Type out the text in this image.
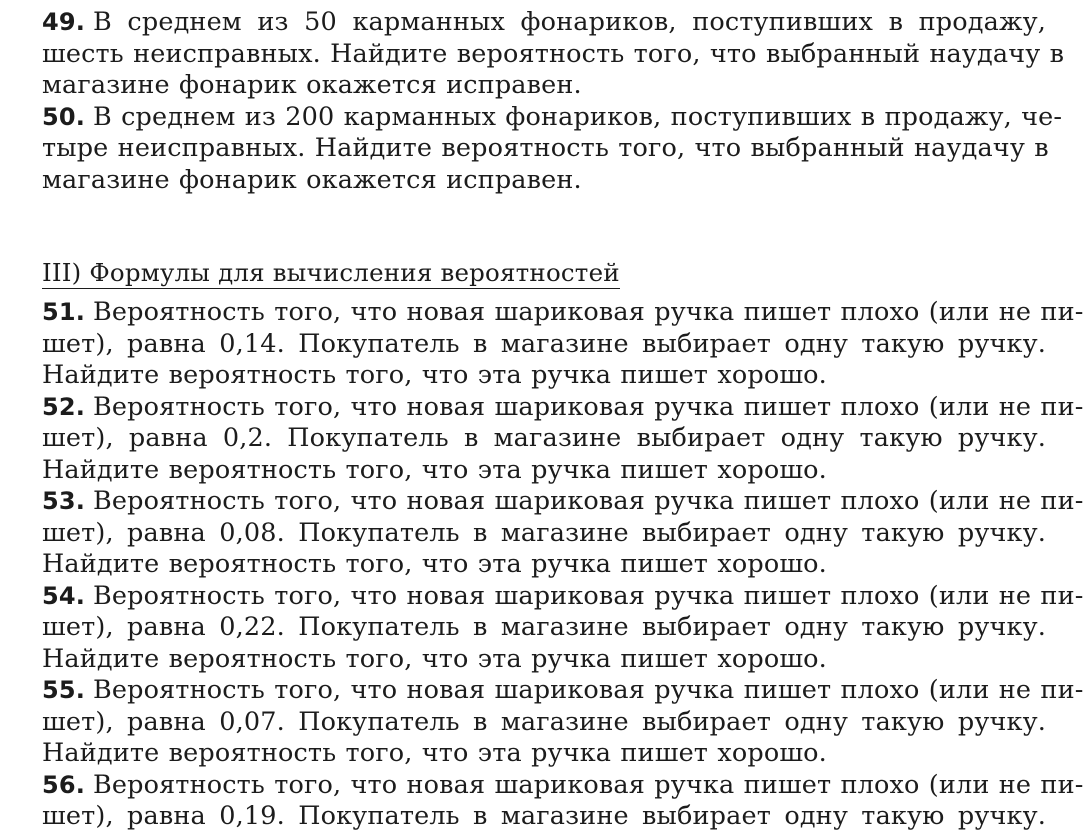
49. В среднем из 50 карманных фонариков, поступивших в продажу,
шесть неисправных. Найдите вероятность того, что выбранный наудачу в
магазине фонарик окажется исправен.
50. В среднем из 200 карманных фонариков, поступивших в продажу, че-
тыре неисправных. Найдите вероятность того, что выбранный наудачу в
магазине фонарик окажется исправен.
III) Формулы для вычисления вероятностей
51. Вероятность того, что новая шариковая ручка пишет плохо (или не пи-
шет), равна 0,14. Покупатель в магазине выбирает одну такую ручку.
Найдите вероятность того, что эта ручка пишет хорошо.
52. Вероятность того, что новая шариковая ручка пишет плохо (или не пи-
шет), равна 0,2. Покупатель в магазине выбирает одну такую ручку.
Найдите вероятность того, что эта ручка пишет хорошо.
53. Вероятность того, что новая шариковая ручка пишет плохо (или не пи-
шет), равна 0,08. Покупатель в магазине выбирает одну такую ручку.
Найдите вероятность того, что эта ручка пишет хорошо.
54. Вероятность того, что новая шариковая ручка пишет плохо (или не пи-
шет), равна 0,22. Покупатель в магазине выбирает одну такую ручку.
Найдите вероятность того, что эта ручка пишет хорошо.
55. Вероятность того, что новая шариковая ручка пишет плохо (или не пи-
шет), равна 0,07. Покупатель в магазине выбирает одну такую ручку.
Найдите вероятность того, что эта ручка пишет хорошо.
56. Вероятность того, что новая шариковая ручка пишет плохо (или не пи-
шет), равна 0,19. Покупатель в магазине выбирает одну такую ручку.
